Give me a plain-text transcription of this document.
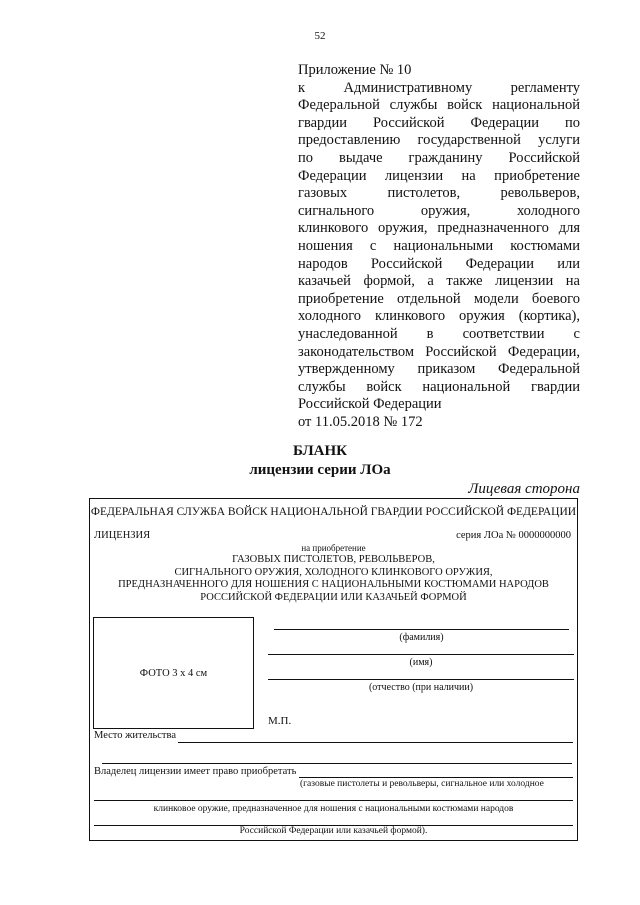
52
Приложение № 10
к Административному регламенту
Федеральной службы войск национальной
гвардии Российской Федерации по
предоставлению государственной услуги
по выдаче гражданину Российской
Федерации лицензии на приобретение
газовых пистолетов, револьверов,
сигнального оружия, холодного
клинкового оружия, предназначенного для
ношения с национальными костюмами
народов Российской Федерации или
казачьей формой, а также лицензии на
приобретение отдельной модели боевого
холодного клинкового оружия (кортика),
унаследованной в соответствии с
законодательством Российской Федерации,
утвержденному приказом Федеральной
службы войск национальной гвардии
Российской Федерации
от 11.05.2018 № 172
БЛАНК
лицензии серии ЛОа
Лицевая сторона
ФЕДЕРАЛЬНАЯ СЛУЖБА ВОЙСК НАЦИОНАЛЬНОЙ ГВАРДИИ РОССИЙСКОЙ ФЕДЕРАЦИИ
ЛИЦЕНЗИЯ	серия ЛОа № 0000000000
на приобретение
ГАЗОВЫХ ПИСТОЛЕТОВ, РЕВОЛЬВЕРОВ,
СИГНАЛЬНОГО ОРУЖИЯ, ХОЛОДНОГО КЛИНКОВОГО ОРУЖИЯ,
ПРЕДНАЗНАЧЕННОГО ДЛЯ НОШЕНИЯ С НАЦИОНАЛЬНЫМИ КОСТЮМАМИ НАРОДОВ
РОССИЙСКОЙ ФЕДЕРАЦИИ ИЛИ КАЗАЧЬЕЙ ФОРМОЙ
ФОТО 3 х 4 см
(фамилия)
(имя)
(отчество (при наличии)
М.П.
Место жительства
Владелец лицензии имеет право приобретать
(газовые пистолеты и револьверы, сигнальное или холодное
клинковое оружие, предназначенное для ношения с национальными костюмами народов
Российской Федерации или казачьей формой).
